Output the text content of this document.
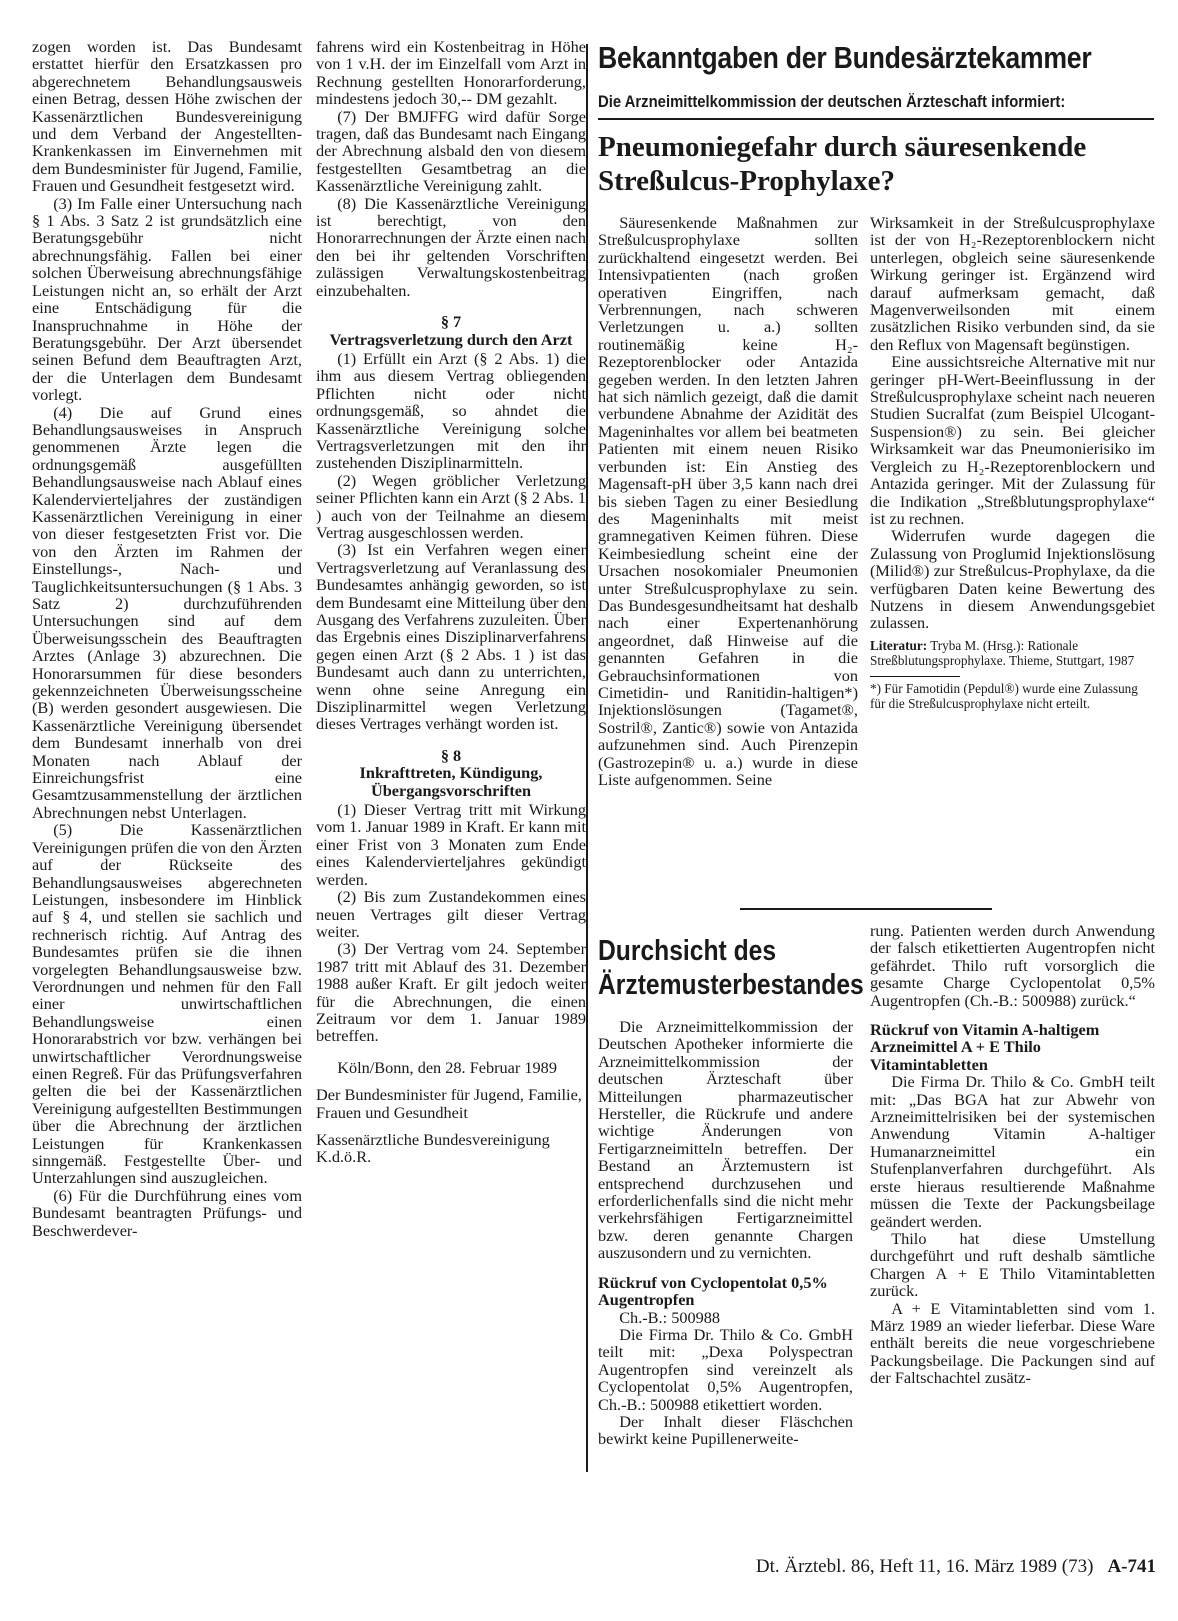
zogen worden ist. Das Bundesamt erstattet hierfür den Ersatzkassen pro abgerechnetem Behandlungsausweis einen Betrag, dessen Höhe zwischen der Kassenärztlichen Bundesvereinigung und dem Verband der Angestellten-Krankenkassen im Einvernehmen mit dem Bundesminister für Jugend, Familie, Frauen und Gesundheit festgesetzt wird.

(3) Im Falle einer Untersuchung nach § 1 Abs. 3 Satz 2 ist grundsätzlich eine Beratungsgebühr nicht abrechnungsfähig. Fallen bei einer solchen Überweisung abrechnungsfähige Leistungen nicht an, so erhält der Arzt eine Entschädigung für die Inanspruchnahme in Höhe der Beratungsgebühr. Der Arzt übersendet seinen Befund dem Beauftragten Arzt, der die Unterlagen dem Bundesamt vorlegt.

(4) Die auf Grund eines Behandlungsausweises in Anspruch genommenen Ärzte legen die ordnungsgemäß ausgefüllten Behandlungsausweise nach Ablauf eines Kalendervierteljahres der zuständigen Kassenärztlichen Vereinigung in einer von dieser festgesetzten Frist vor. Die von den Ärzten im Rahmen der Einstellungs-, Nach- und Tauglichkeitsuntersuchungen (§ 1 Abs. 3 Satz 2) durchzuführenden Untersuchungen sind auf dem Überweisungsschein des Beauftragten Arztes (Anlage 3) abzurechnen. Die Honorarsummen für diese besonders gekennzeichneten Überweisungsscheine (B) werden gesondert ausgewiesen. Die Kassenärztliche Vereinigung übersendet dem Bundesamt innerhalb von drei Monaten nach Ablauf der Einreichungsfrist eine Gesamtzusammenstellung der ärztlichen Abrechnungen nebst Unterlagen.

(5) Die Kassenärztlichen Vereinigungen prüfen die von den Ärzten auf der Rückseite des Behandlungsausweises abgerechneten Leistungen, insbesondere im Hinblick auf § 4, und stellen sie sachlich und rechnerisch richtig. Auf Antrag des Bundesamtes prüfen sie die ihnen vorgelegten Behandlungsausweise bzw. Verordnungen und nehmen für den Fall einer unwirtschaftlichen Behandlungsweise einen Honorarabstrich vor bzw. verhängen bei unwirtschaftlicher Verordnungsweise einen Regreß. Für das Prüfungsverfahren gelten die bei der Kassenärztlichen Vereinigung aufgestellten Bestimmungen über die Abrechnung der ärztlichen Leistungen für Krankenkassen sinngemäß. Festgestellte Über- und Unterzahlungen sind auszugleichen.

(6) Für die Durchführung eines vom Bundesamt beantragten Prüfungs- und Beschwerdever-

fahrens wird ein Kostenbeitrag in Höhe von 1 v.H. der im Einzelfall vom Arzt in Rechnung gestellten Honorarforderung, mindestens jedoch 30,-- DM gezahlt.

(7) Der BMJFFG wird dafür Sorge tragen, daß das Bundesamt nach Eingang der Abrechnung alsbald den von diesem festgestellten Gesamtbetrag an die Kassenärztliche Vereinigung zahlt.

(8) Die Kassenärztliche Vereinigung ist berechtigt, von den Honorarrechnungen der Ärzte einen nach den bei ihr geltenden Vorschriften zulässigen Verwaltungskostenbeitrag einzubehalten.

§ 7
Vertragsverletzung durch den Arzt

(1) Erfüllt ein Arzt (§ 2 Abs. 1) die ihm aus diesem Vertrag obliegenden Pflichten nicht oder nicht ordnungsgemäß, so ahndet die Kassenärztliche Vereinigung solche Vertragsverletzungen mit den ihr zustehenden Disziplinarmitteln.

(2) Wegen gröblicher Verletzung seiner Pflichten kann ein Arzt (§ 2 Abs. 1 ) auch von der Teilnahme an diesem Vertrag ausgeschlossen werden.

(3) Ist ein Verfahren wegen einer Vertragsverletzung auf Veranlassung des Bundesamtes anhängig geworden, so ist dem Bundesamt eine Mitteilung über den Ausgang des Verfahrens zuzuleiten. Über das Ergebnis eines Disziplinarverfahrens gegen einen Arzt (§ 2 Abs. 1 ) ist das Bundesamt auch dann zu unterrichten, wenn ohne seine Anregung ein Disziplinarmittel wegen Verletzung dieses Vertrages verhängt worden ist.

§ 8
Inkrafttreten, Kündigung, Übergangsvorschriften

(1) Dieser Vertrag tritt mit Wirkung vom 1. Januar 1989 in Kraft. Er kann mit einer Frist von 3 Monaten zum Ende eines Kalendervierteljahres gekündigt werden.

(2) Bis zum Zustandekommen eines neuen Vertrages gilt dieser Vertrag weiter.

(3) Der Vertrag vom 24. September 1987 tritt mit Ablauf des 31. Dezember 1988 außer Kraft. Er gilt jedoch weiter für die Abrechnungen, die einen Zeitraum vor dem 1. Januar 1989 betreffen.

Köln/Bonn, den 28. Februar 1989

Der Bundesminister für Jugend, Familie, Frauen und Gesundheit

Kassenärztliche Bundesvereinigung K.d.ö.R.

Bekanntgaben der Bundesärztekammer
Die Arzneimittelkommission der deutschen Ärzteschaft informiert:
Pneumoniegefahr durch säuresenkende Streßulcus-Prophylaxe?

Säuresenkende Maßnahmen zur Streßulcusprophylaxe sollten zurückhaltend eingesetzt werden. Bei Intensivpatienten (nach großen operativen Eingriffen, nach Verbrennungen, nach schweren Verletzungen u. a.) sollten routinemäßig keine H₂-Rezeptorenblocker oder Antazida gegeben werden. In den letzten Jahren hat sich nämlich gezeigt, daß die damit verbundene Abnahme der Azidität des Mageninhaltes vor allem bei beatmeten Patienten mit einem neuen Risiko verbunden ist: Ein Anstieg des Magensaft-pH über 3,5 kann nach drei bis sieben Tagen zu einer Besiedlung des Mageninhalts mit meist gramnegativen Keimen führen. Diese Keimbesiedlung scheint eine der Ursachen nosokomialer Pneumonien unter Streßulcusprophylaxe zu sein. Das Bundesgesundheitsamt hat deshalb nach einer Expertenanhörung angeordnet, daß Hinweise auf die genannten Gefahren in die Gebrauchsinformationen von Cimetidin- und Ranitidin-haltigen*) Injektionslösungen (Tagamet®, Sostril®, Zantic®) sowie von Antazida aufzunehmen sind. Auch Pirenzepin (Gastrozepin® u. a.) wurde in diese Liste aufgenommen. Seine

Wirksamkeit in der Streßulcusprophylaxe ist der von H₂-Rezeptorenblockern nicht unterlegen, obgleich seine säuresenkende Wirkung geringer ist. Ergänzend wird darauf aufmerksam gemacht, daß Magenverweilsonden mit einem zusätzlichen Risiko verbunden sind, da sie den Reflux von Magensaft begünstigen.

Eine aussichtsreiche Alternative mit nur geringer pH-Wert-Beeinflussung in der Streßulcusprophylaxe scheint nach neueren Studien Sucralfat (zum Beispiel Ulcogant-Suspension®) zu sein. Bei gleicher Wirksamkeit war das Pneumonierisiko im Vergleich zu H₂-Rezeptorenblockern und Antazida geringer. Mit der Zulassung für die Indikation „Streßblutungsprophylaxe“ ist zu rechnen.

Widerrufen wurde dagegen die Zulassung von Proglumid Injektionslösung (Milid®) zur Streßulcus-Prophylaxe, da die verfügbaren Daten keine Bewertung des Nutzens in diesem Anwendungsgebiet zulassen.

Literatur: Tryba M. (Hrsg.): Rationale Streßblutungsprophylaxe. Thieme, Stuttgart, 1987
*) Für Famotidin (Pepdul®) wurde eine Zulassung für die Streßulcusprophylaxe nicht erteilt.
Durchsicht des Ärztemusterbestandes

Die Arzneimittelkommission der Deutschen Apotheker informierte die Arzneimittelkommission der deutschen Ärzteschaft über Mitteilungen pharmazeutischer Hersteller, die Rückrufe und andere wichtige Änderungen von Fertigarzneimitteln betreffen. Der Bestand an Ärztemustern ist entsprechend durchzusehen und erforderlichenfalls sind die nicht mehr verkehrsfähigen Fertigarzneimittel bzw. deren genannte Chargen auszusondern und zu vernichten.

Rückruf von Cyclopentolat 0,5% Augentropfen

Ch.-B.: 500988

Die Firma Dr. Thilo & Co. GmbH teilt mit: „Dexa Polyspectran Augentropfen sind vereinzelt als Cyclopentolat 0,5% Augentropfen, Ch.-B.: 500988 etikettiert worden.

Der Inhalt dieser Fläschchen bewirkt keine Pupillenerweite-

rung. Patienten werden durch Anwendung der falsch etikettierten Augentropfen nicht gefährdet. Thilo ruft vorsorglich die gesamte Charge Cyclopentolat 0,5% Augentropfen (Ch.-B.: 500988) zurück.“

Rückruf von Vitamin A-haltigem Arzneimittel A + E Thilo Vitamintabletten

Die Firma Dr. Thilo & Co. GmbH teilt mit: „Das BGA hat zur Abwehr von Arzneimittelrisiken bei der systemischen Anwendung Vitamin A-haltiger Humanarzneimittel ein Stufenplanverfahren durchgeführt. Als erste hieraus resultierende Maßnahme müssen die Texte der Packungsbeilage geändert werden.

Thilo hat diese Umstellung durchgeführt und ruft deshalb sämtliche Chargen A + E Thilo Vitamintabletten zurück.

A + E Vitamintabletten sind vom 1. März 1989 an wieder lieferbar. Diese Ware enthält bereits die neue vorgeschriebene Packungsbeilage. Die Packungen sind auf der Faltschachtel zusätz-

Dt. Ärztebl. 86, Heft 11, 16. März 1989 (73) A-741
